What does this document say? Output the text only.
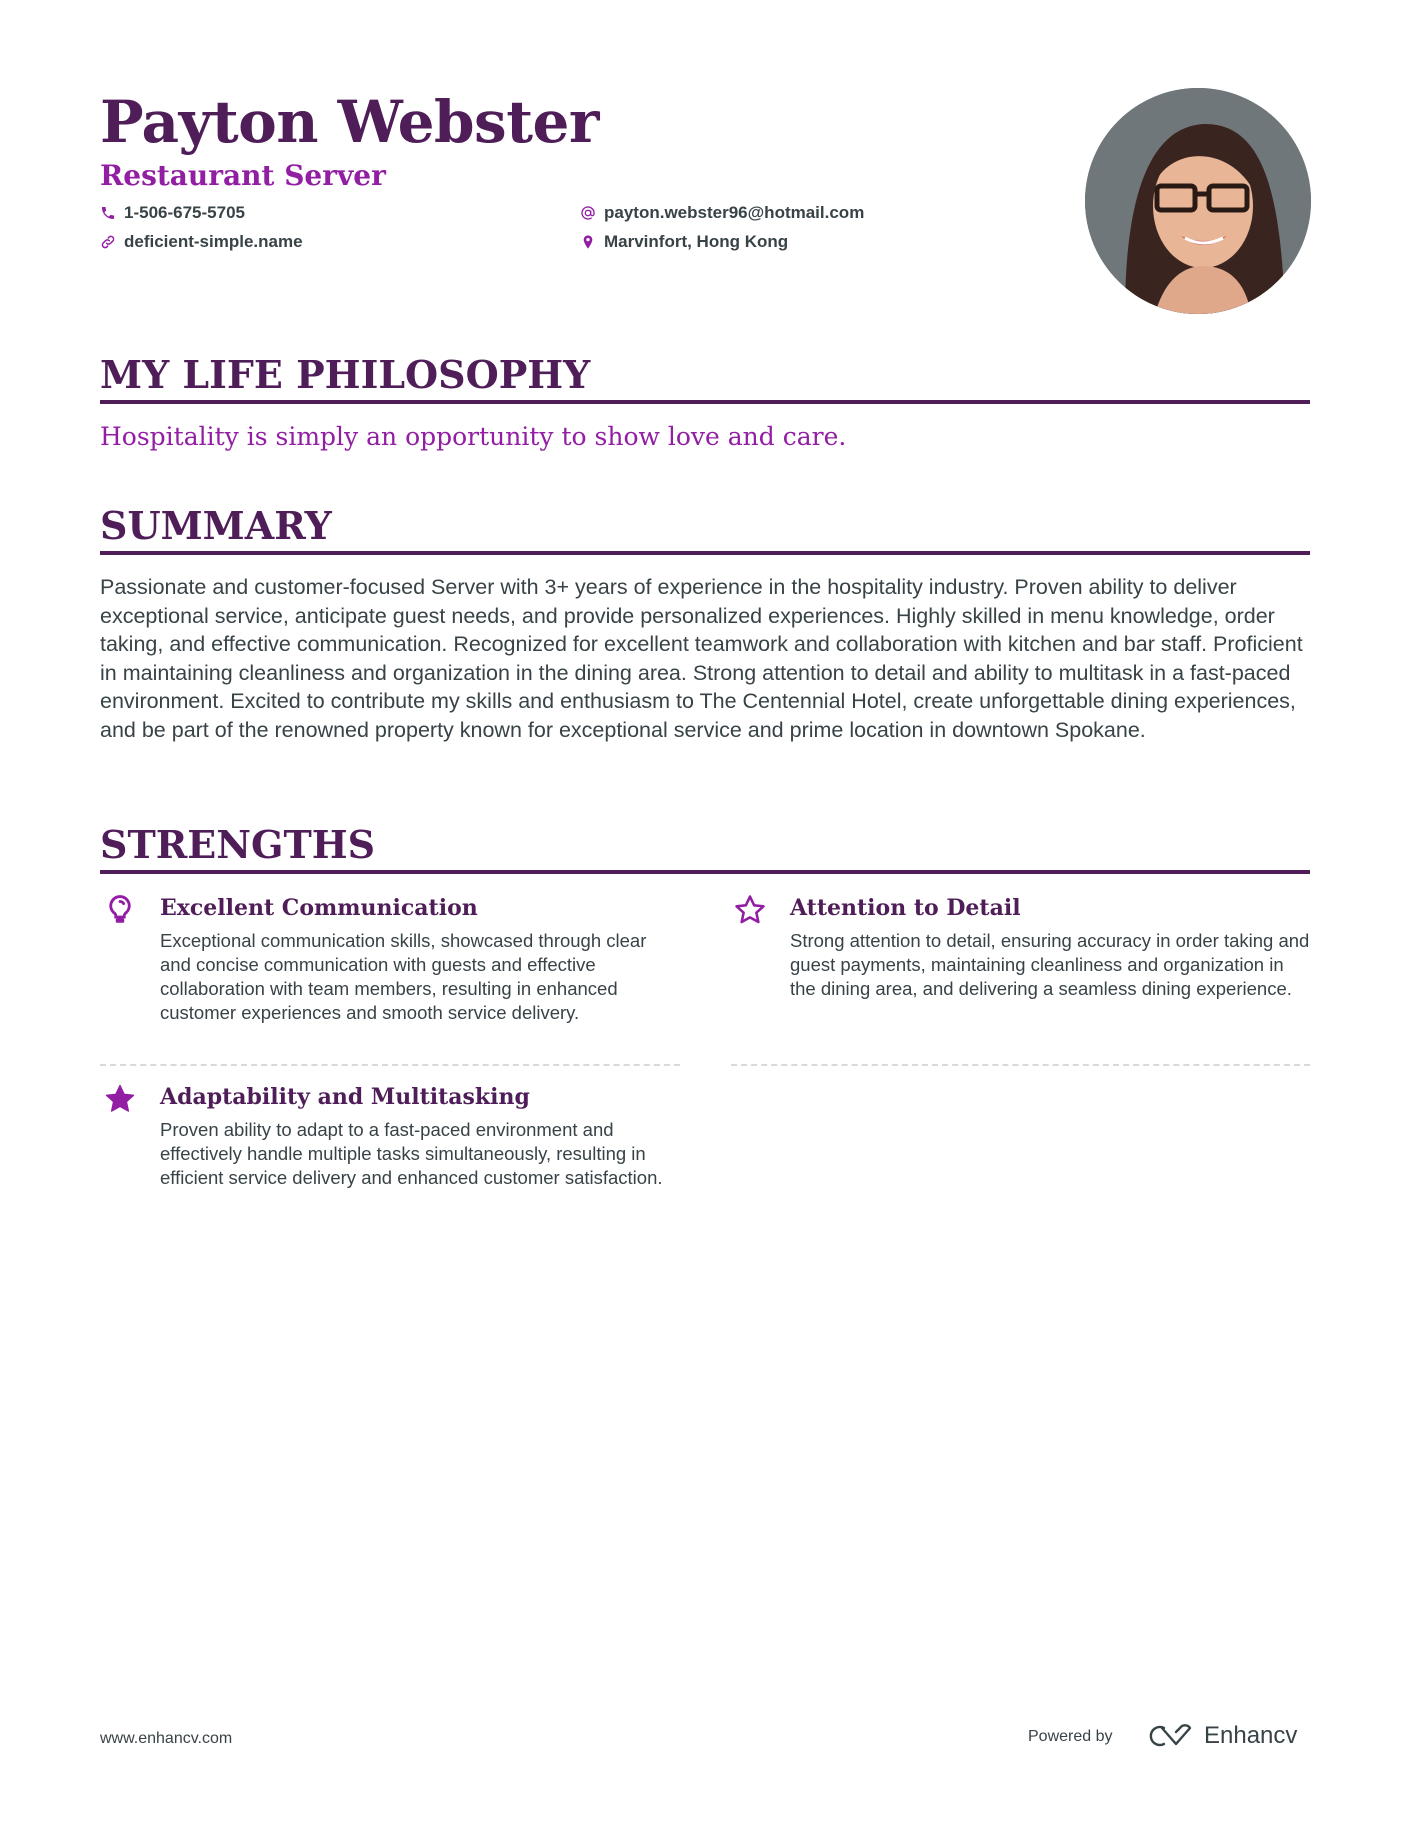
Payton Webster
Restaurant Server
1-506-675-5705
deficient-simple.name
payton.webster96@hotmail.com
Marvinfort, Hong Kong
MY LIFE PHILOSOPHY
Hospitality is simply an opportunity to show love and care.
SUMMARY

Passionate and customer-focused Server with 3+ years of experience in the hospitality industry. Proven ability to deliver exceptional service, anticipate guest needs, and provide personalized experiences. Highly skilled in menu knowledge, order taking, and effective communication. Recognized for excellent teamwork and collaboration with kitchen and bar staff. Proficient in maintaining cleanliness and organization in the dining area. Strong attention to detail and ability to multitask in a fast-paced environment. Excited to contribute my skills and enthusiasm to The Centennial Hotel, create unforgettable dining experiences, and be part of the renowned property known for exceptional service and prime location in downtown Spokane.

STRENGTHS
Excellent Communication

Exceptional communication skills, showcased through clear and concise communication with guests and effective collaboration with team members, resulting in enhanced customer experiences and smooth service delivery.

Attention to Detail

Strong attention to detail, ensuring accuracy in order taking and guest payments, maintaining cleanliness and organization in the dining area, and delivering a seamless dining experience.

Adaptability and Multitasking

Proven ability to adapt to a fast-paced environment and effectively handle multiple tasks simultaneously, resulting in efficient service delivery and enhanced customer satisfaction.

www.enhancv.com	Powered by	Enhancv
